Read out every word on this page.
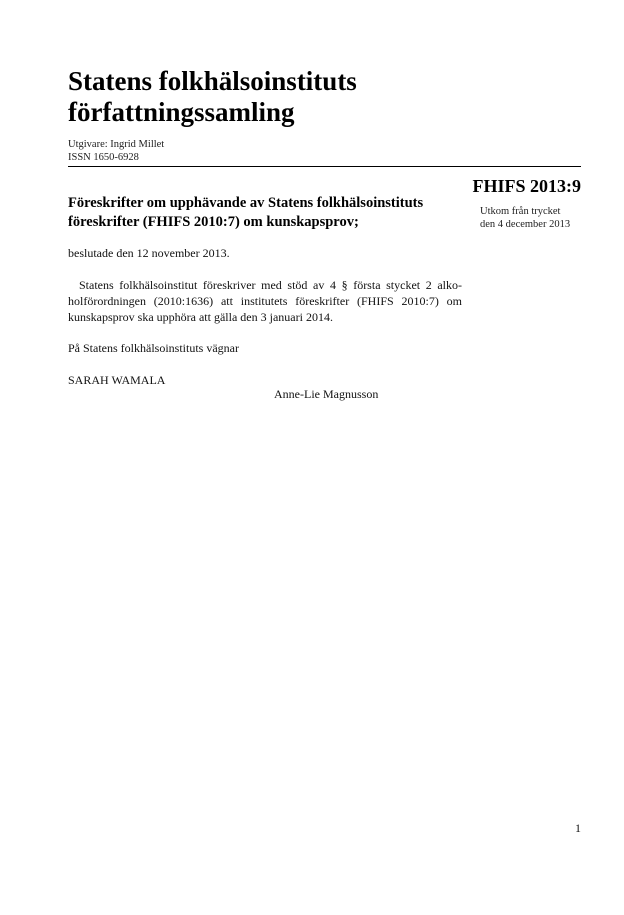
Statens folkhälsoinstituts
författningssamling
Utgivare: Ingrid Millet
ISSN 1650-6928
FHIFS 2013:9
Utkom från trycket
den 4 december 2013
Föreskrifter om upphävande av Statens folkhälsoinstituts
föreskrifter (FHIFS 2010:7) om kunskapsprov;

beslutade den 12 november 2013.

Statens folkhälsoinstitut föreskriver med stöd av 4 § första stycket 2 alko-
holförordningen (2010:1636) att institutets föreskrifter (FHIFS 2010:7) om
kunskapsprov ska upphöra att gälla den 3 januari 2014.

På Statens folkhälsoinstituts vägnar

SARAH WAMALA

Anne-Lie Magnusson
1
